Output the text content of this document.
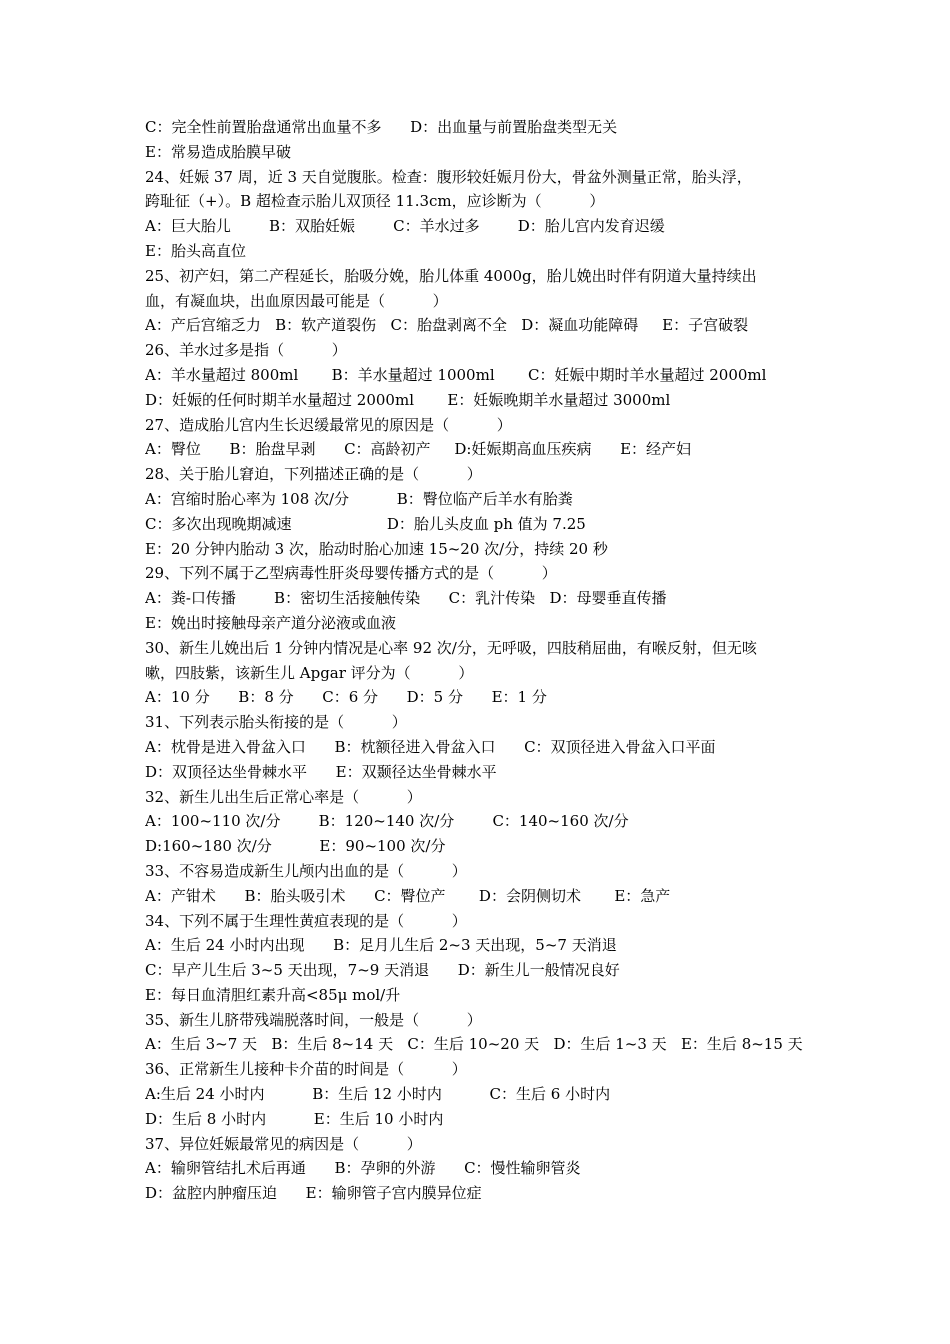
C：完全性前置胎盘通常出血量不多      D：出血量与前置胎盘类型无关
E：常易造成胎膜早破
24、妊娠 37 周，近 3 天自觉腹胀。检查：腹形较妊娠月份大，骨盆外测量正常，胎头浮，
跨耻征（+）。B 超检查示胎儿双顶径 11.3cm，应诊断为（          ）
A：巨大胎儿        B：双胎妊娠        C：羊水过多        D：胎儿宫内发育迟缓
E：胎头高直位
25、初产妇，第二产程延长，胎吸分娩，胎儿体重 4000g，胎儿娩出时伴有阴道大量持续出
血，有凝血块，出血原因最可能是（          ）
A：产后宫缩乏力   B：软产道裂伤   C：胎盘剥离不全   D：凝血功能障碍     E：子宫破裂
26、羊水过多是指（          ）
A：羊水量超过 800ml       B：羊水量超过 1000ml       C：妊娠中期时羊水量超过 2000ml
D：妊娠的任何时期羊水量超过 2000ml       E：妊娠晚期羊水量超过 3000ml
27、造成胎儿宫内生长迟缓最常见的原因是（          ）
A：臀位      B：胎盘早剥      C：高龄初产     D:妊娠期高血压疾病      E：经产妇
28、关于胎儿窘迫，下列描述正确的是（          ）
A：宫缩时胎心率为 108 次/分          B：臀位临产后羊水有胎粪
C：多次出现晚期减速                    D：胎儿头皮血 ph 值为 7.25
E：20 分钟内胎动 3 次，胎动时胎心加速 15~20 次/分，持续 20 秒
29、下列不属于乙型病毒性肝炎母婴传播方式的是（          ）
A：粪-口传播        B：密切生活接触传染      C：乳汁传染   D：母婴垂直传播
E：娩出时接触母亲产道分泌液或血液
30、新生儿娩出后 1 分钟内情况是心率 92 次/分，无呼吸，四肢稍屈曲，有喉反射，但无咳
嗽，四肢紫，该新生儿 Apgar 评分为（          ）
A：10 分      B：8 分      C：6 分      D：5 分      E：1 分
31、下列表示胎头衔接的是（          ）
A：枕骨是进入骨盆入口      B：枕额径进入骨盆入口      C：双顶径进入骨盆入口平面
D：双顶径达坐骨棘水平      E：双颞径达坐骨棘水平
32、新生儿出生后正常心率是（          ）
A：100~110 次/分        B：120~140 次/分        C：140~160 次/分
D:160~180 次/分          E：90~100 次/分
33、不容易造成新生儿颅内出血的是（          ）
A：产钳术      B：胎头吸引术      C：臀位产       D：会阴侧切术       E：急产
34、下列不属于生理性黄疸表现的是（          ）
A：生后 24 小时内出现      B：足月儿生后 2~3 天出现，5~7 天消退
C：早产儿生后 3~5 天出现，7~9 天消退      D：新生儿一般情况良好
E：每日血清胆红素升高<85μ mol/升
35、新生儿脐带残端脱落时间，一般是（          ）
A：生后 3~7 天   B：生后 8~14 天   C：生后 10~20 天   D：生后 1~3 天   E：生后 8~15 天
36、正常新生儿接种卡介苗的时间是（          ）
A:生后 24 小时内          B：生后 12 小时内          C：生后 6 小时内
D：生后 8 小时内          E：生后 10 小时内
37、异位妊娠最常见的病因是（          ）
A：输卵管结扎术后再通      B：孕卵的外游      C：慢性输卵管炎
D：盆腔内肿瘤压迫      E：输卵管子宫内膜异位症
